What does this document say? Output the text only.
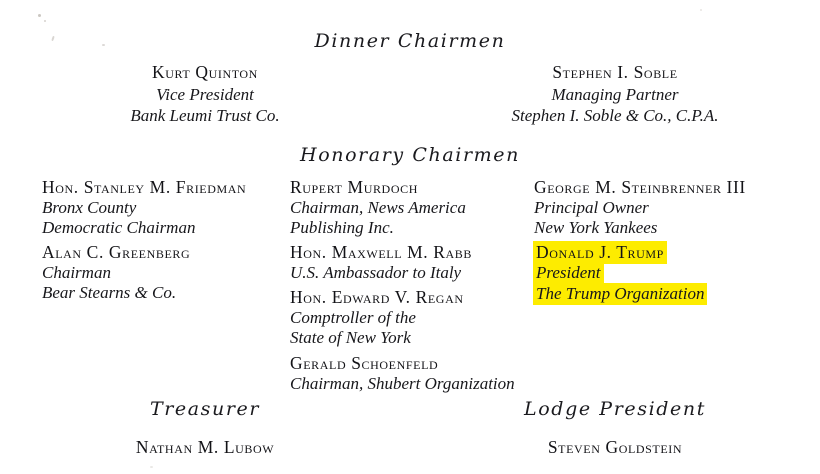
Dinner Chairmen
Kurt Quinton
Vice President
Bank Leumi Trust Co.
Stephen I. Soble
Managing Partner
Stephen I. Soble & Co., C.P.A.
Honorary Chairmen
Hon. Stanley M. Friedman
Bronx County
Democratic Chairman
Alan C. Greenberg
Chairman
Bear Stearns & Co.
Rupert Murdoch
Chairman, News America
Publishing Inc.
Hon. Maxwell M. Rabb
U.S. Ambassador to Italy
Hon. Edward V. Regan
Comptroller of the
State of New York
Gerald Schoenfeld
Chairman, Shubert Organization
George M. Steinbrenner III
Principal Owner
New York Yankees
Donald J. Trump
President
The Trump Organization
Treasurer	Lodge President
Nathan M. Lubow	Steven Goldstein
